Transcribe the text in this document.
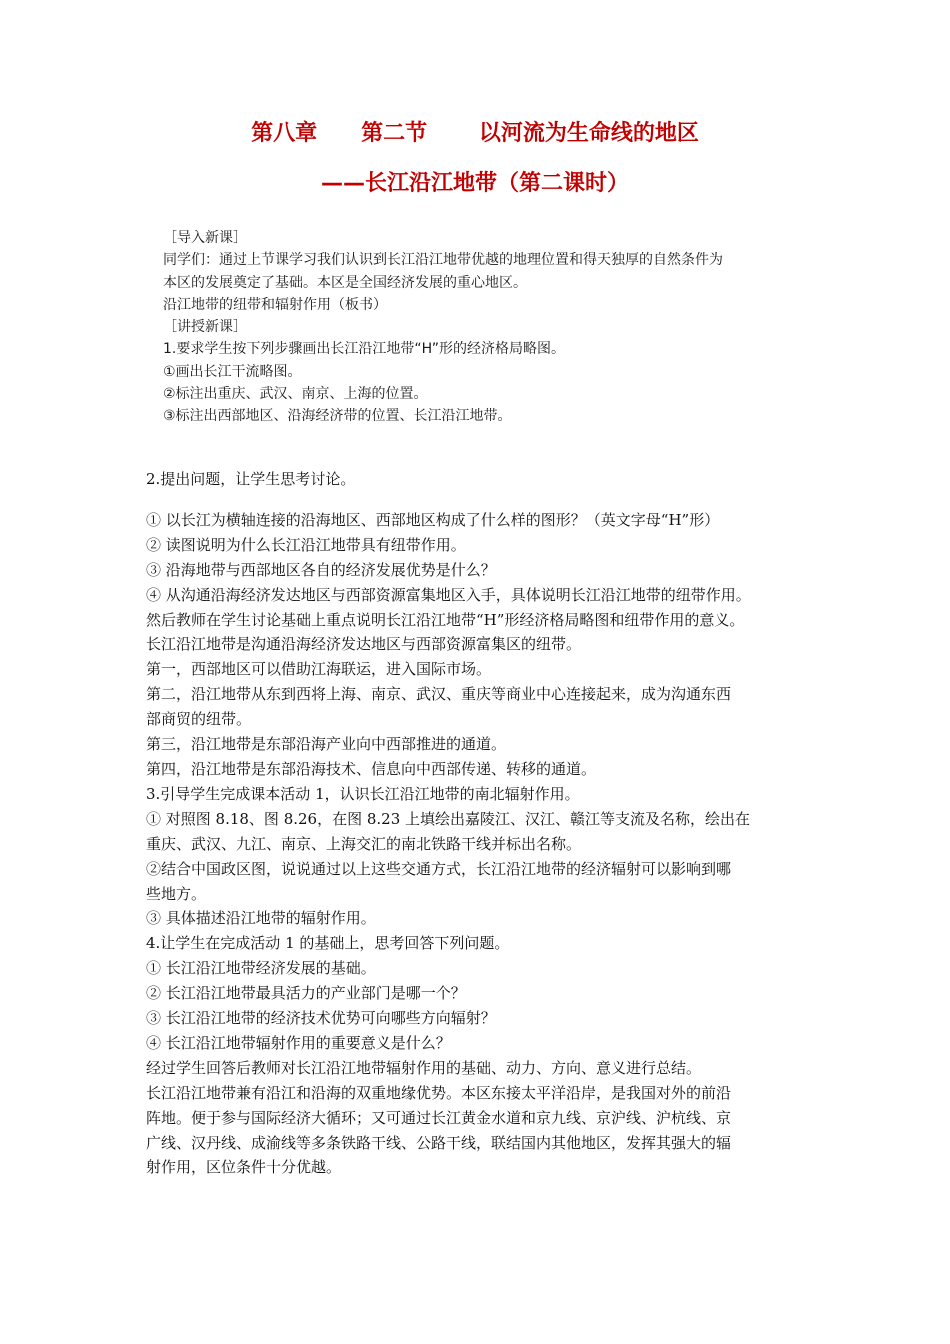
第八章　　第二节　　 以河流为生命线的地区
——长江沿江地带（第二课时）
［导入新课］
同学们：通过上节课学习我们认识到长江沿江地带优越的地理位置和得天独厚的自然条件为
本区的发展奠定了基础。本区是全国经济发展的重心地区。
沿江地带的纽带和辐射作用（板书）
［讲授新课］
1.要求学生按下列步骤画出长江沿江地带“H”形的经济格局略图。
①画出长江干流略图。
②标注出重庆、武汉、南京、上海的位置。
③标注出西部地区、沿海经济带的位置、长江沿江地带。
2.提出问题，让学生思考讨论。
① 以长江为横轴连接的沿海地区、西部地区构成了什么样的图形？（英文字母“H”形）
② 读图说明为什么长江沿江地带具有纽带作用。
③ 沿海地带与西部地区各自的经济发展优势是什么？
④ 从沟通沿海经济发达地区与西部资源富集地区入手，具体说明长江沿江地带的纽带作用。
然后教师在学生讨论基础上重点说明长江沿江地带“H”形经济格局略图和纽带作用的意义。
长江沿江地带是沟通沿海经济发达地区与西部资源富集区的纽带。
第一，西部地区可以借助江海联运，进入国际市场。
第二，沿江地带从东到西将上海、南京、武汉、重庆等商业中心连接起来，成为沟通东西
部商贸的纽带。
第三，沿江地带是东部沿海产业向中西部推进的通道。
第四，沿江地带是东部沿海技术、信息向中西部传递、转移的通道。
3.引导学生完成课本活动 1，认识长江沿江地带的南北辐射作用。
① 对照图 8.18、图 8.26，在图 8.23 上填绘出嘉陵江、汉江、赣江等支流及名称，绘出在
重庆、武汉、九江、南京、上海交汇的南北铁路干线并标出名称。
②结合中国政区图，说说通过以上这些交通方式，长江沿江地带的经济辐射可以影响到哪
些地方。
③ 具体描述沿江地带的辐射作用。
4.让学生在完成活动 1 的基础上，思考回答下列问题。
① 长江沿江地带经济发展的基础。
② 长江沿江地带最具活力的产业部门是哪一个？
③ 长江沿江地带的经济技术优势可向哪些方向辐射？
④ 长江沿江地带辐射作用的重要意义是什么？
经过学生回答后教师对长江沿江地带辐射作用的基础、动力、方向、意义进行总结。
长江沿江地带兼有沿江和沿海的双重地缘优势。本区东接太平洋沿岸，是我国对外的前沿
阵地。便于参与国际经济大循环；又可通过长江黄金水道和京九线、京沪线、沪杭线、京
广线、汉丹线、成渝线等多条铁路干线、公路干线，联结国内其他地区，发挥其强大的辐
射作用，区位条件十分优越。
